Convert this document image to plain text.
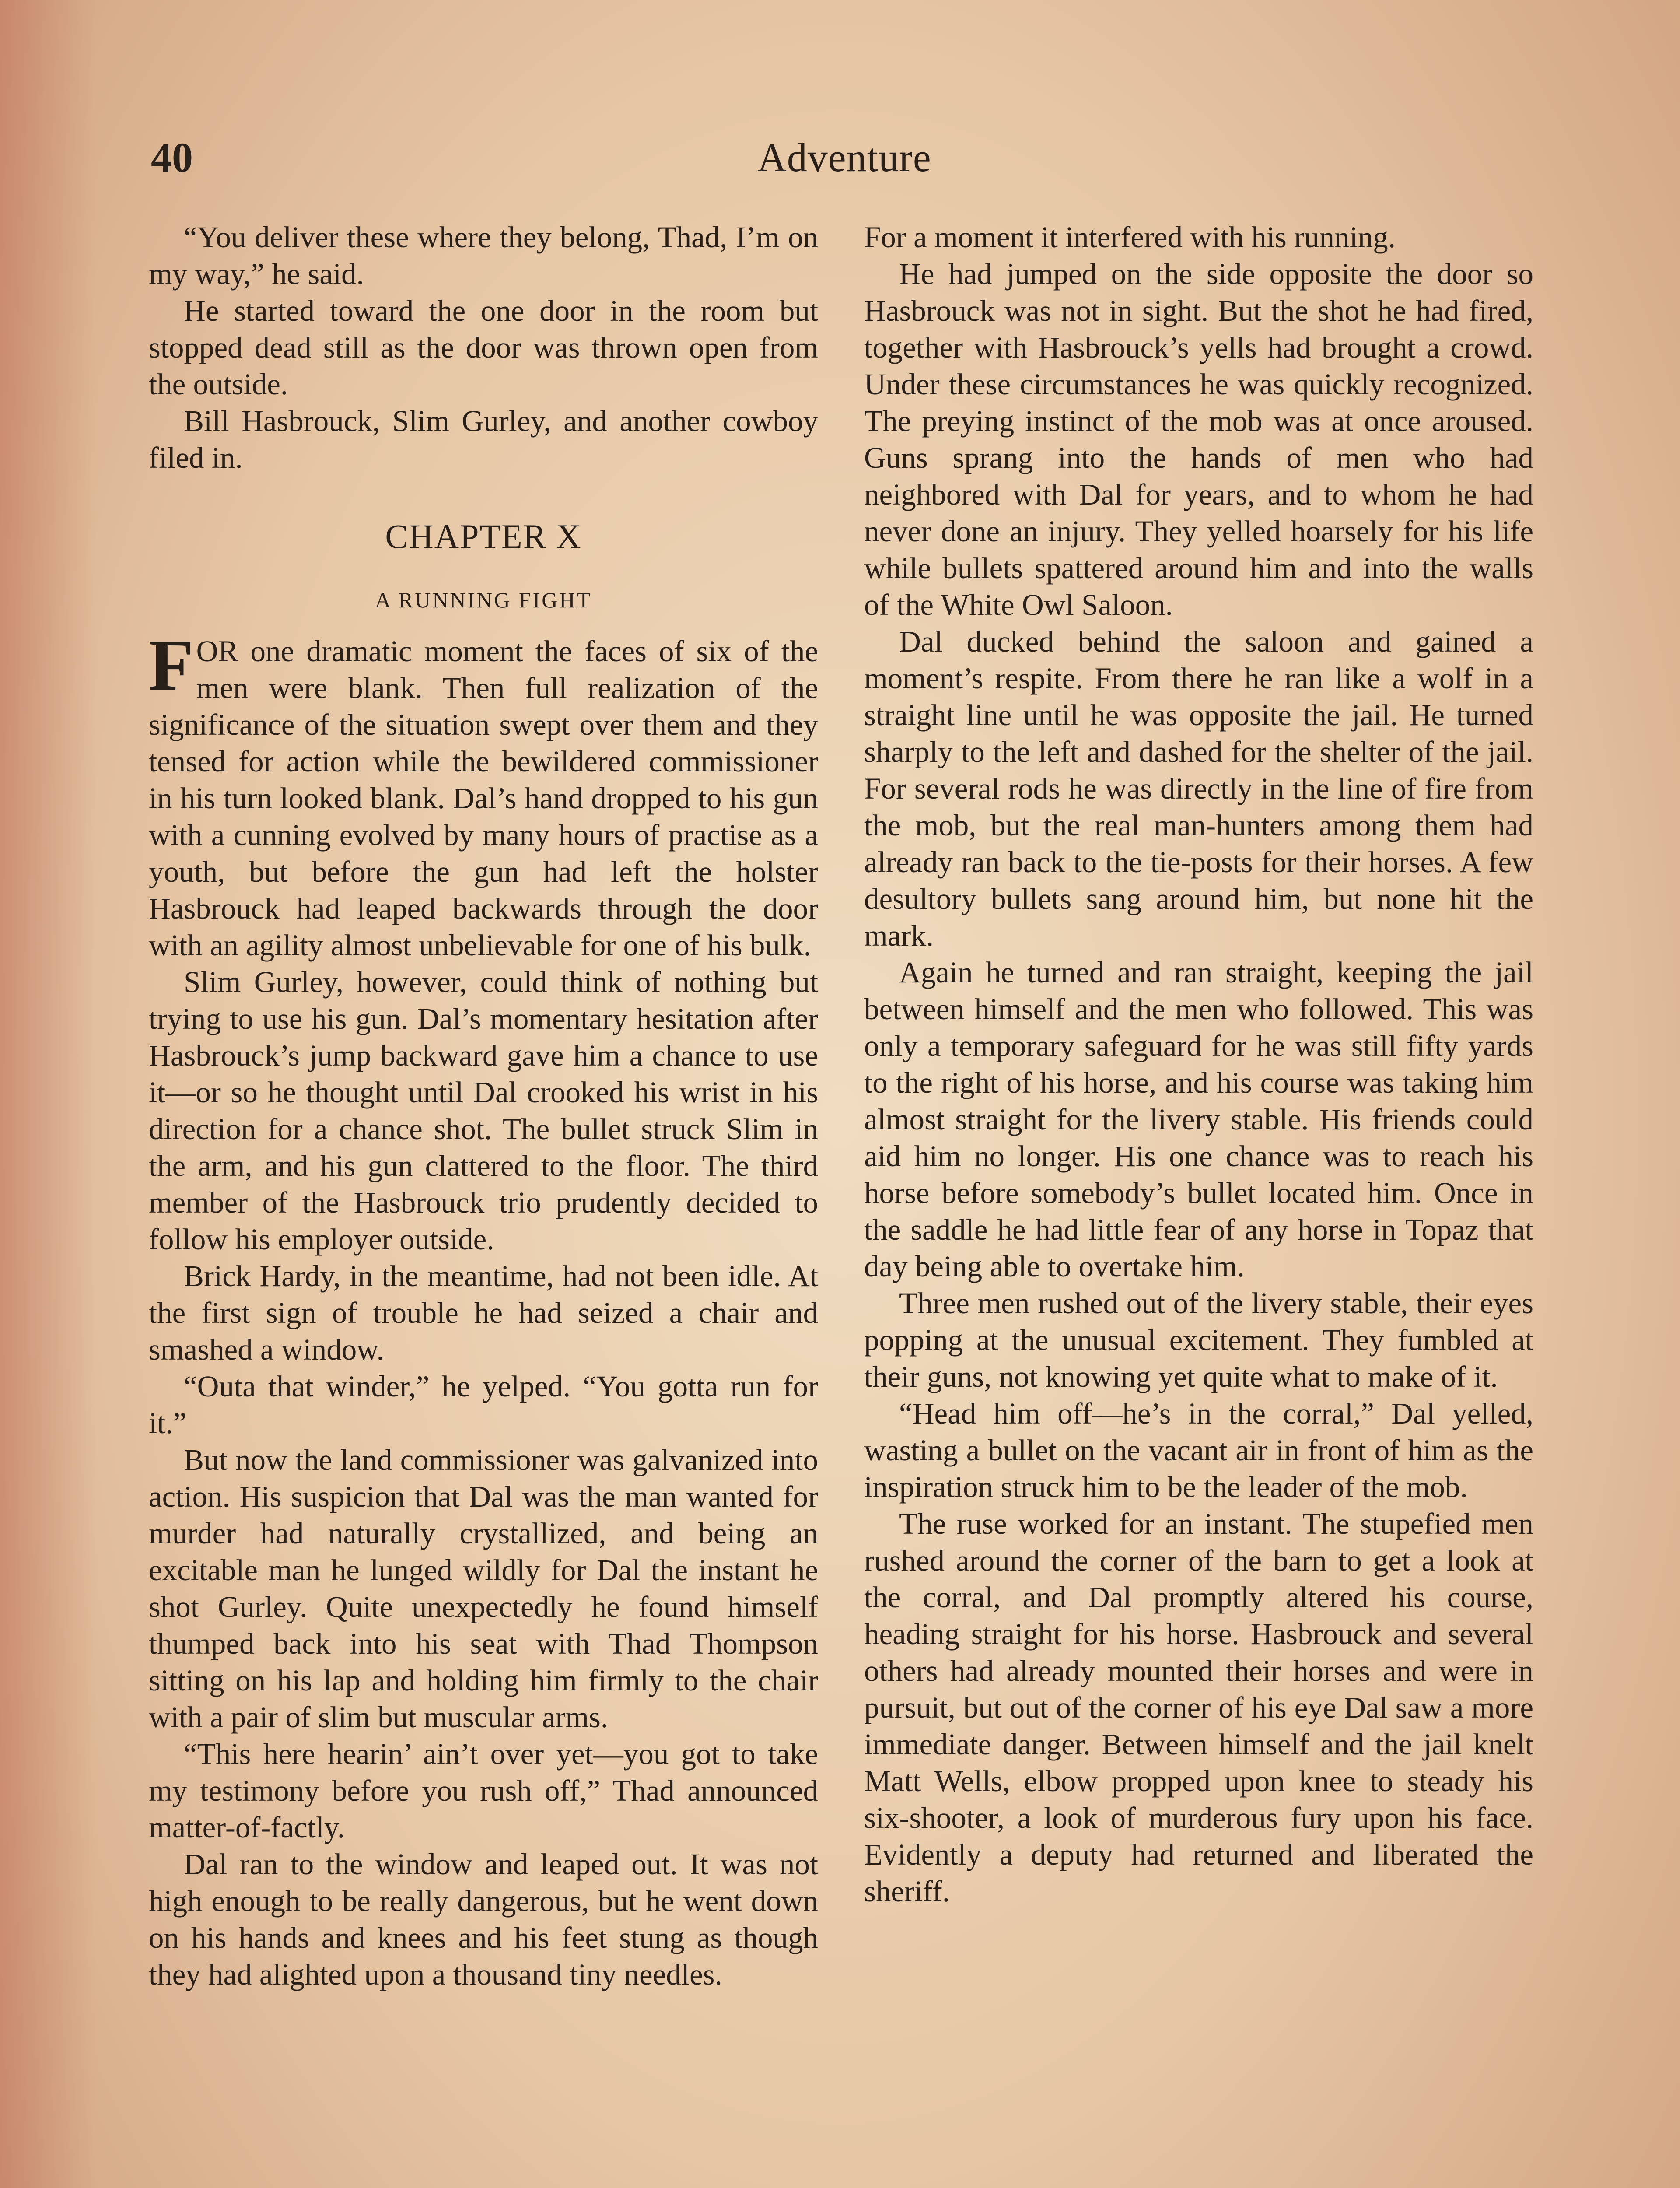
40	Adventure

“You deliver these where they belong, Thad, I’m on my way,” he said.

He started toward the one door in the room but stopped dead still as the door was thrown open from the outside.

Bill Hasbrouck, Slim Gurley, and another cowboy filed in.

CHAPTER X
A RUNNING FIGHT

FOR one dramatic moment the faces of six of the men were blank. Then full realization of the significance of the situation swept over them and they tensed for action while the bewildered commissioner in his turn looked blank. Dal’s hand dropped to his gun with a cunning evolved by many hours of practise as a youth, but before the gun had left the holster Hasbrouck had leaped backwards through the door with an agility almost unbelievable for one of his bulk.

Slim Gurley, however, could think of nothing but trying to use his gun. Dal’s momentary hesitation after Hasbrouck’s jump backward gave him a chance to use it—or so he thought until Dal crooked his wrist in his direction for a chance shot. The bullet struck Slim in the arm, and his gun clattered to the floor. The third member of the Hasbrouck trio prudently decided to follow his employer outside.

Brick Hardy, in the meantime, had not been idle. At the first sign of trouble he had seized a chair and smashed a window.

“Outa that winder,” he yelped. “You gotta run for it.”

But now the land commissioner was galvanized into action. His suspicion that Dal was the man wanted for murder had naturally crystallized, and being an excitable man he lunged wildly for Dal the instant he shot Gurley. Quite unexpectedly he found himself thumped back into his seat with Thad Thompson sitting on his lap and holding him firmly to the chair with a pair of slim but muscular arms.

“This here hearin’ ain’t over yet—you got to take my testimony before you rush off,” Thad announced matter-of-factly.

Dal ran to the window and leaped out. It was not high enough to be really dangerous, but he went down on his hands and knees and his feet stung as though they had alighted upon a thousand tiny needles.

For a moment it interfered with his running.

He had jumped on the side opposite the door so Hasbrouck was not in sight. But the shot he had fired, together with Hasbrouck’s yells had brought a crowd. Under these circumstances he was quickly recognized. The preying instinct of the mob was at once aroused. Guns sprang into the hands of men who had neighbored with Dal for years, and to whom he had never done an injury. They yelled hoarsely for his life while bullets spattered around him and into the walls of the White Owl Saloon.

Dal ducked behind the saloon and gained a moment’s respite. From there he ran like a wolf in a straight line until he was opposite the jail. He turned sharply to the left and dashed for the shelter of the jail. For several rods he was directly in the line of fire from the mob, but the real man-hunters among them had already ran back to the tie-posts for their horses. A few desultory bullets sang around him, but none hit the mark.

Again he turned and ran straight, keeping the jail between himself and the men who followed. This was only a temporary safeguard for he was still fifty yards to the right of his horse, and his course was taking him almost straight for the livery stable. His friends could aid him no longer. His one chance was to reach his horse before somebody’s bullet located him. Once in the saddle he had little fear of any horse in Topaz that day being able to overtake him.

Three men rushed out of the livery stable, their eyes popping at the unusual excitement. They fumbled at their guns, not knowing yet quite what to make of it.

“Head him off—he’s in the corral,” Dal yelled, wasting a bullet on the vacant air in front of him as the inspiration struck him to be the leader of the mob.

The ruse worked for an instant. The stupefied men rushed around the corner of the barn to get a look at the corral, and Dal promptly altered his course, heading straight for his horse. Hasbrouck and several others had already mounted their horses and were in pursuit, but out of the corner of his eye Dal saw a more immediate danger. Between himself and the jail knelt Matt Wells, elbow propped upon knee to steady his six-shooter, a look of murderous fury upon his face. Evidently a deputy had returned and liberated the sheriff.
